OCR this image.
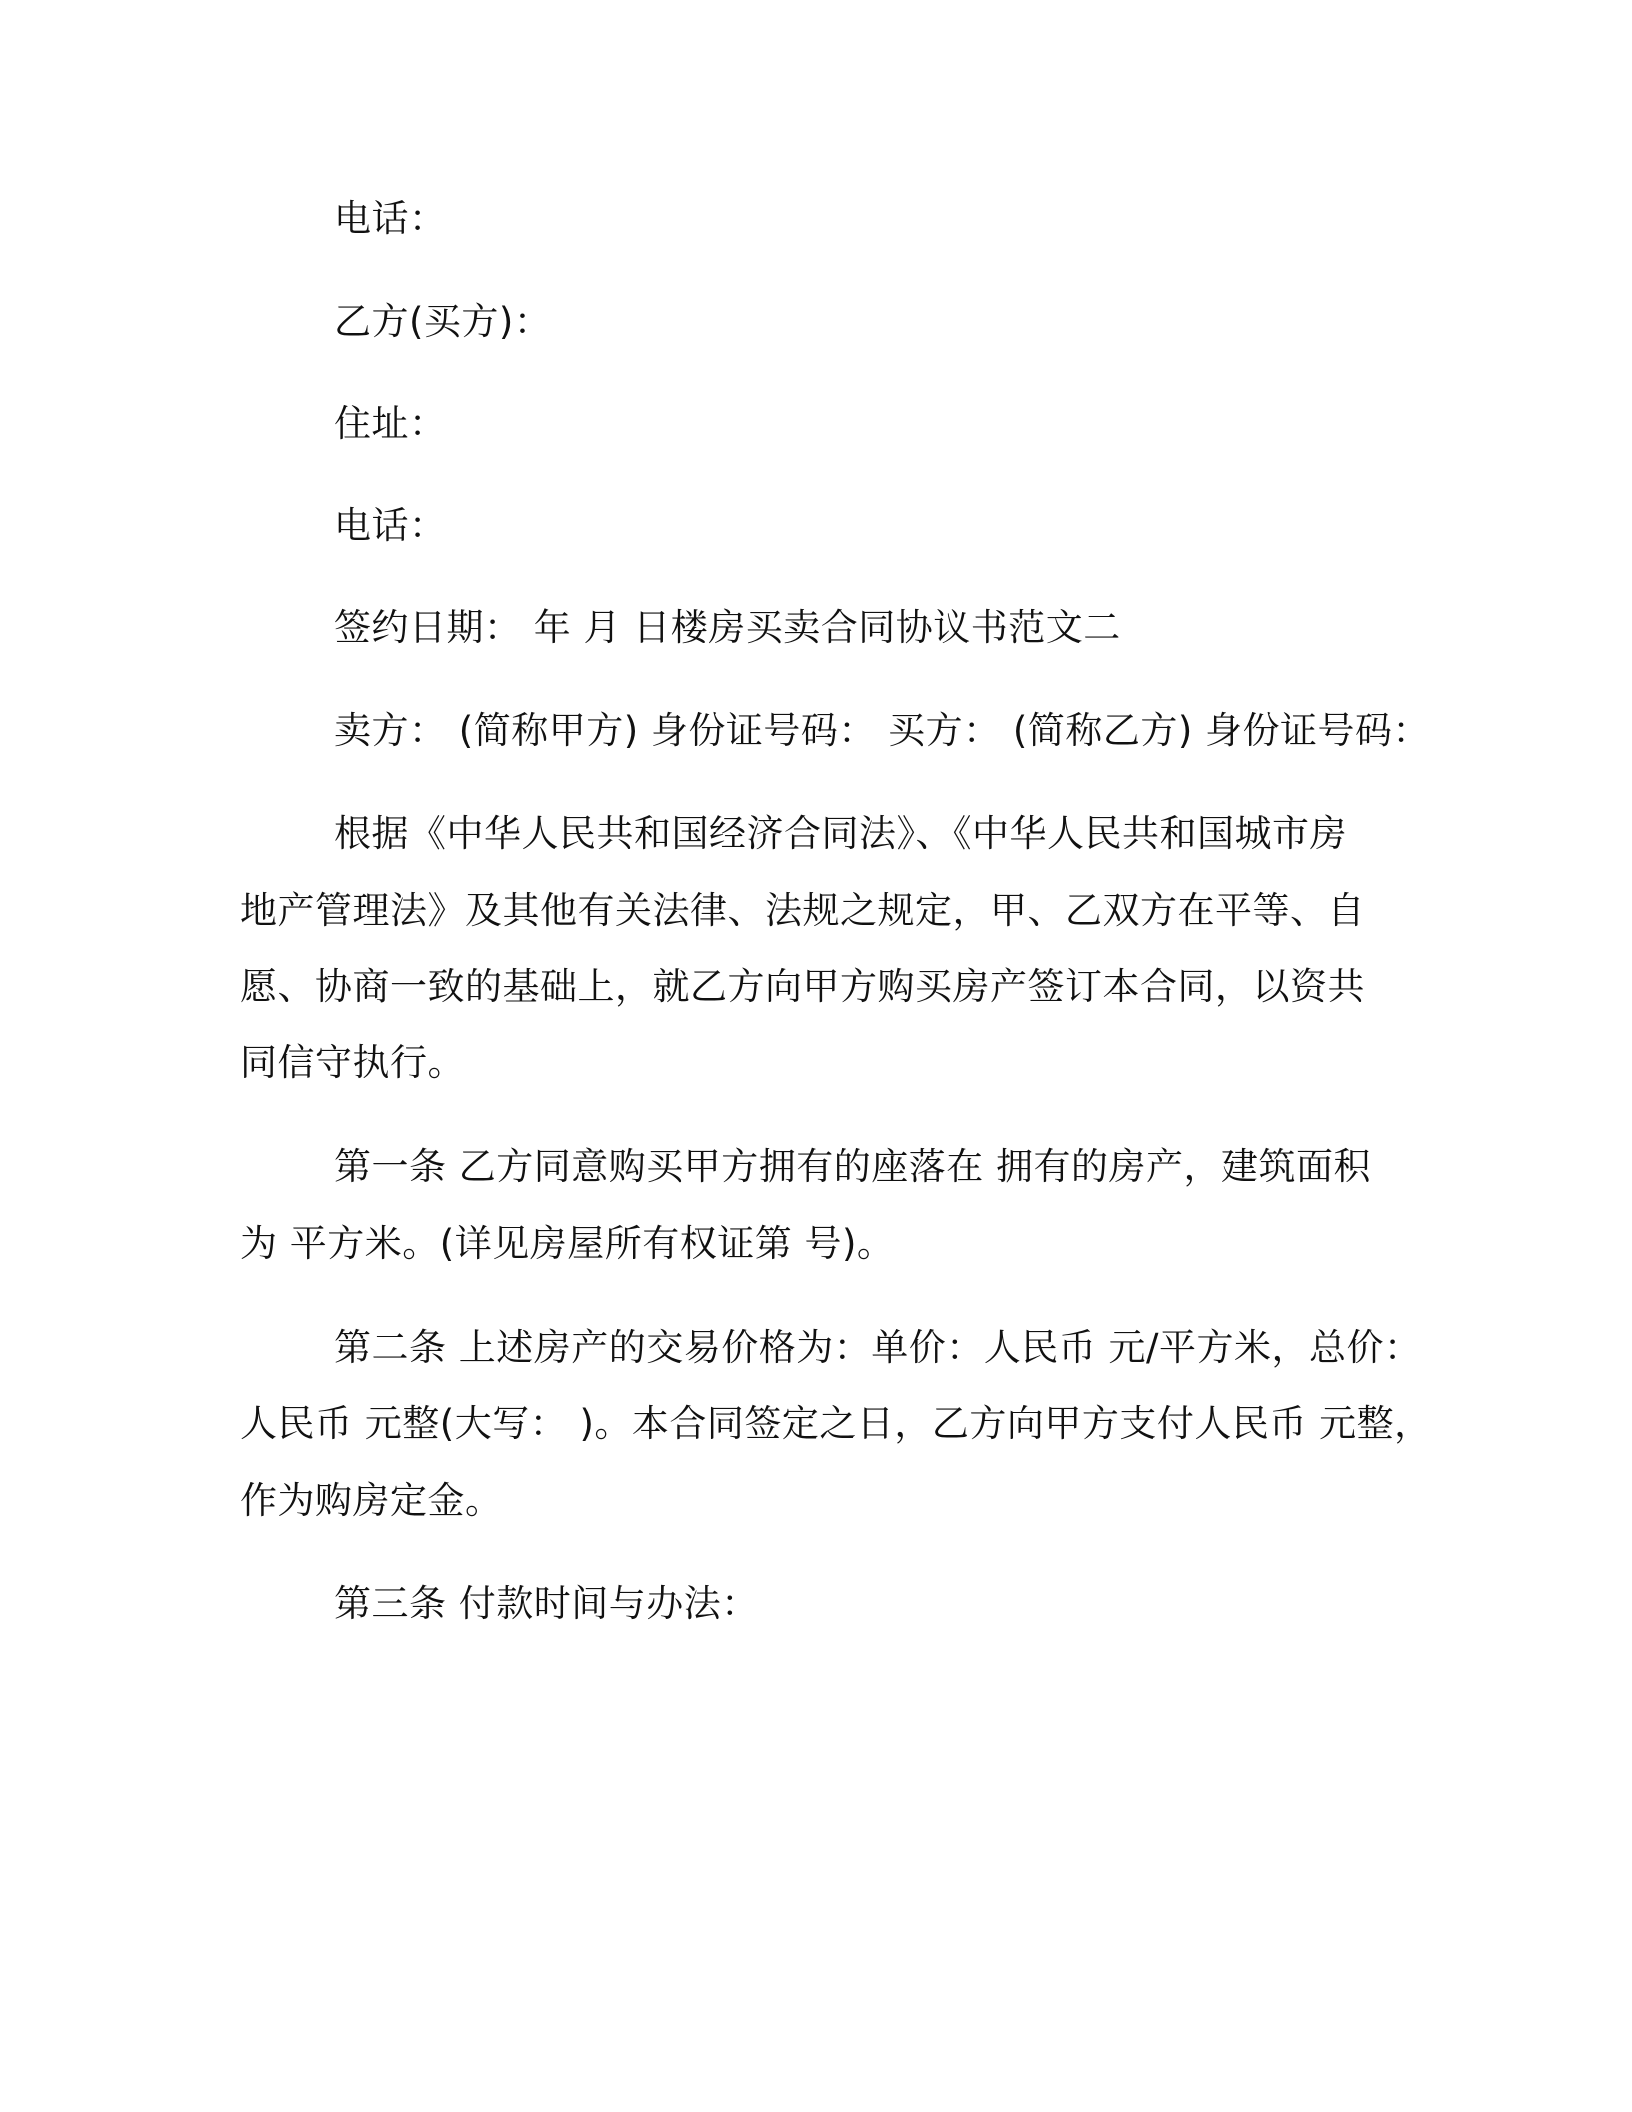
电话：
乙方(买方)：
住址：
电话：
签约日期： 年 月 日楼房买卖合同协议书范文二
卖方： (简称甲方) 身份证号码： 买方： (简称乙方) 身份证号码：
根据《中华人民共和国经济合同法》、《中华人民共和国城市房
地产管理法》及其他有关法律、法规之规定，甲、乙双方在平等、自
愿、协商一致的基础上，就乙方向甲方购买房产签订本合同，以资共
同信守执行。
第一条 乙方同意购买甲方拥有的座落在 拥有的房产，建筑面积
为 平方米。(详见房屋所有权证第 号)。
第二条 上述房产的交易价格为：单价：人民币 元/平方米，总价：
人民币 元整(大写： )。本合同签定之日，乙方向甲方支付人民币 元整，
作为购房定金。
第三条 付款时间与办法：
